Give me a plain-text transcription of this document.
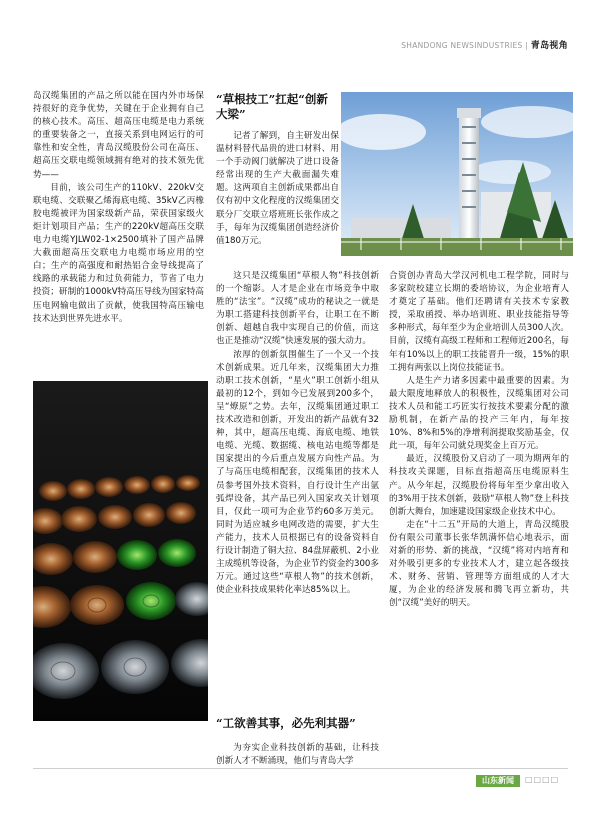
SHANDONG NEWSINDUSTRIES | 青岛视角

岛汉缆集团的产品之所以能在国内外市场保持很好的竞争优势，关键在于企业拥有自己的核心技术。高压、超高压电缆是电力系统的重要装备之一，直接关系到电网运行的可靠性和安全性，青岛汉缆股份公司在高压、超高压交联电缆领域拥有绝对的技术领先优势——

目前，该公司生产的110kV、220kV交联电缆、交联聚乙烯海底电缆、35kV乙丙橡胶电缆被评为国家级新产品，荣获国家级火炬计划项目产品；生产的220kV超高压交联电力电缆YJLW02-1×2500填补了国产品牌大截面超高压交联电力电缆市场应用的空白；生产的高强度和耐热铝合金导线提高了线路的承载能力和过负荷能力，节省了电力投资；研制的1000kV特高压导线为国家特高压电网输电做出了贡献，使我国特高压输电技术达到世界先进水平。

“草根技工”扛起“创新大梁”

记者了解到，自主研发出保温材料替代品贵的进口材料、用一个手动阀门就解决了进口设备经常出现的生产大截面漏失难题。这两项自主创新成果都出自仅有初中文化程度的汉缆集团交联分厂交联立塔班班长张作成之手，每年为汉缆集团创造经济价值180万元。

这只是汉缆集团“草根人物”科技创新的一个缩影。人才是企业在市场竞争中取胜的“法宝”。“汉缆”成功的秘诀之一就是为职工搭建科技创新平台，让职工在不断创新、超越自我中实现自己的价值，而这也正是推动“汉缆”快速发展的强大动力。

浓厚的创新氛围催生了一个又一个技术创新成果。近几年来，汉缆集团大力推动职工技术创新，“星火”职工创新小组从最初的12个，到如今已发展到200多个，呈“燎原”之势。去年，汉缆集团通过职工技术改造和创新，开发出的新产品就有32种，其中，超高压电缆、海底电缆、地铁电缆、光缆、数据缆、核电站电缆等都是国家提出的今后重点发展方向性产品。为了与高压电缆相配套，汉缆集团的技术人员参考国外技术资料，自行设计生产出氩弧焊设备，其产品已列入国家攻关计划项目，仅此一项可为企业节约60多万美元。同时为适应城乡电网改造的需要，扩大生产能力，技术人员根据已有的设备资料自行设计制造了铜大拉、84盘屏蔽机、2小业主成缆机等设备，为企业节约资金约300多万元。通过这些“草根人物”的技术创新，使企业科技成果转化率达85%以上。

“工欲善其事，必先利其器”

为夯实企业科技创新的基础，让科技创新人才不断涌现，他们与青岛大学

合资创办青岛大学汉河机电工程学院，同时与多家院校建立长期的委培协议，为企业培育人才奠定了基础。他们还聘请有关技术专家教授，采取函授、举办培训班、职业技能指导等多种形式，每年至少为企业培训人员300人次。目前，汉缆有高级工程师和工程师近200名，每年有10%以上的职工技能晋升一级，15%的职工拥有两张以上岗位技能证书。

人是生产力诸多因素中最重要的因素。为最大限度地释放人的积极性，汉缆集团对公司技术人员和能工巧匠实行按技术要素分配的激励机制，在新产品的投产三年内，每年按10%、8%和5%的净增利润提取奖励基金，仅此一项，每年公司就兑现奖金上百万元。

最近，汉缆股份又启动了一项为期两年的科技攻关课题，目标直指超高压电缆原料生产。从今年起，汉缆股份将每年至少拿出收入的3%用于技术创新，鼓励“草根人物”登上科技创新大舞台，加速建设国家级企业技术中心。

走在“十二五”开局的大道上，青岛汉缆股份有限公司董事长张华凯满怀信心地表示，面对新的形势、新的挑战，“汉缆”将对内培育和对外吸引更多的专业技术人才，建立起各级技术、财务、营销、管理等方面组成的人才大厦，为企业的经济发展和腾飞再立新功，共创“汉缆”美好的明天。

山东新闻	□□□□
